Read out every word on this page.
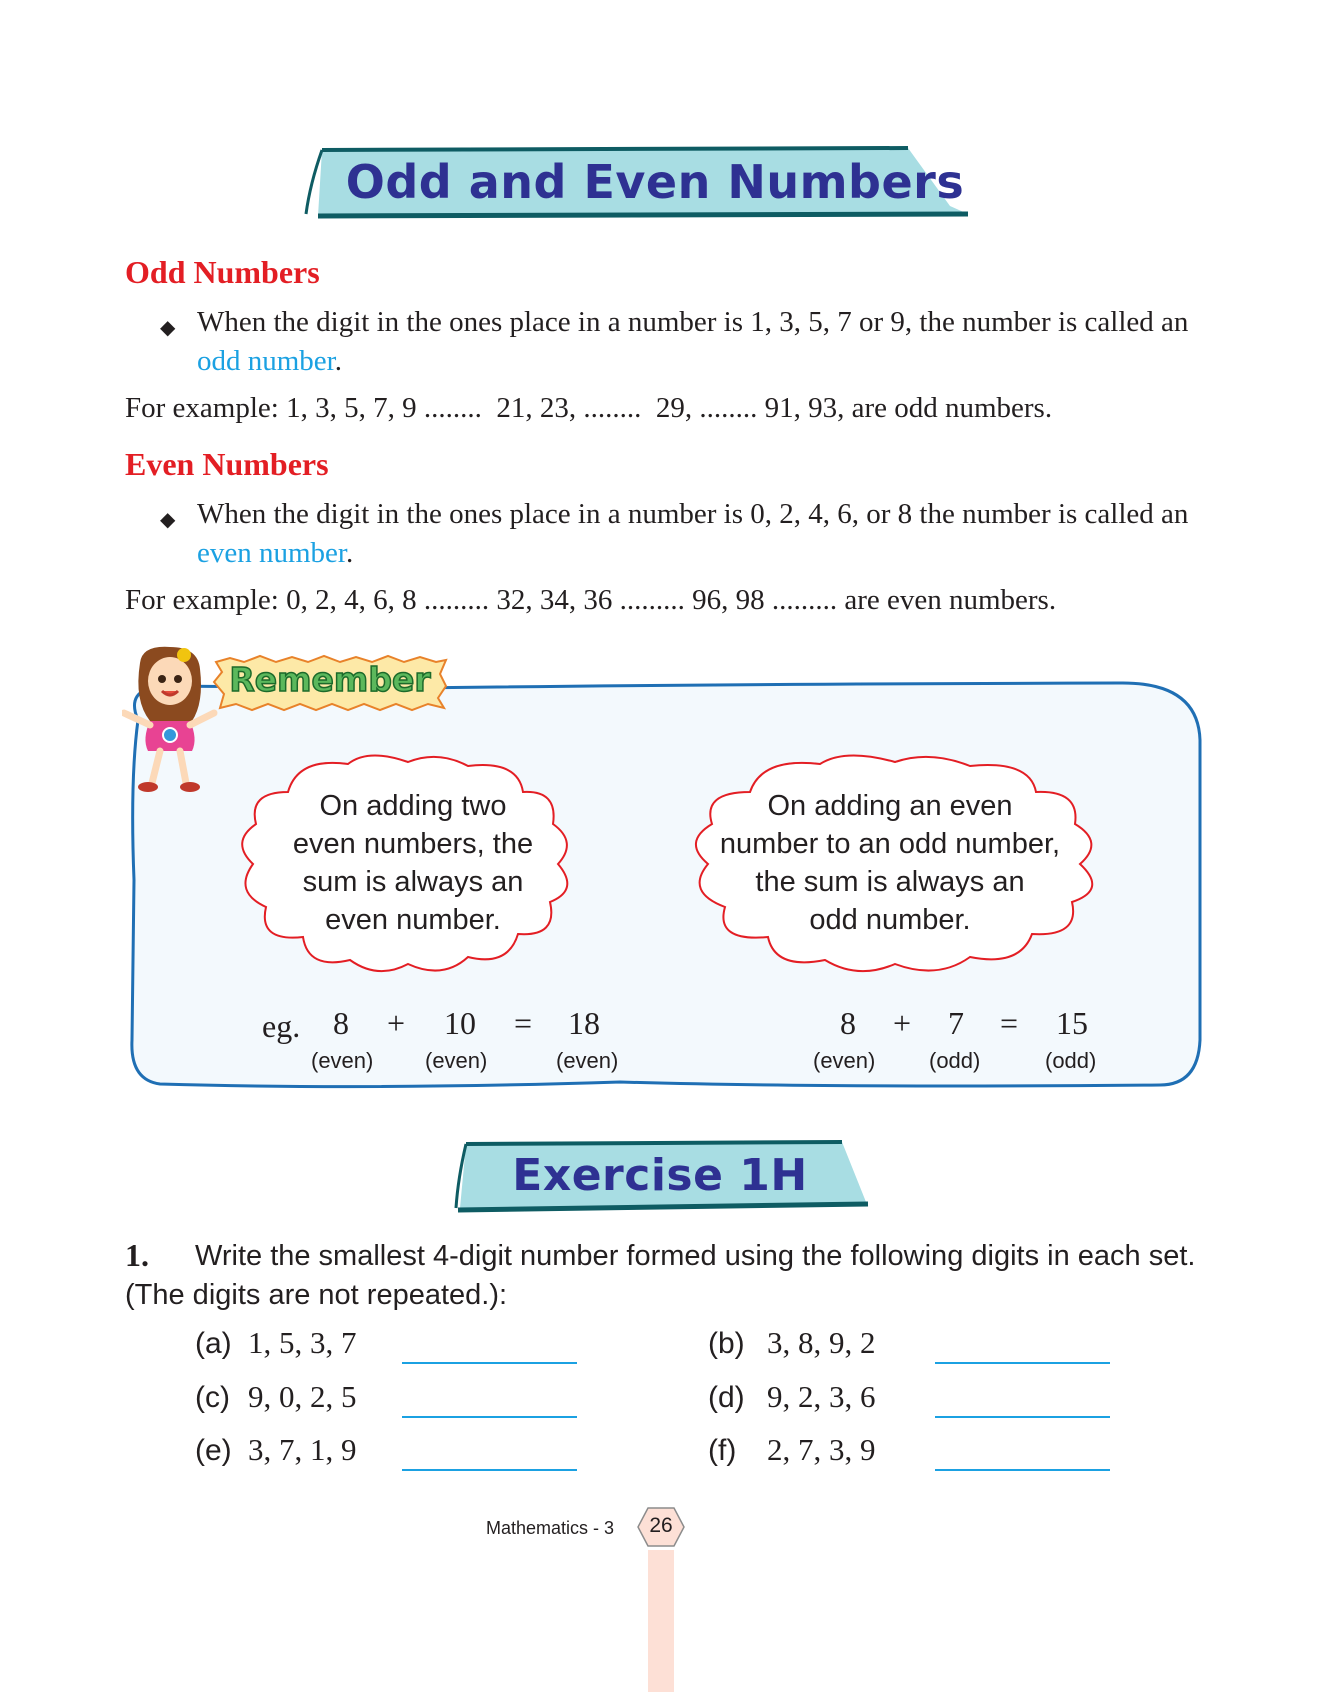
Odd and Even Numbers
Odd Numbers
◆ When the digit in the ones place in a number is 1, 3, 5, 7 or 9, the number is called an odd number.
For example: 1, 3, 5, 7, 9 ........  21, 23, ........  29, ........ 91, 93, are odd numbers.
Even Numbers
◆ When the digit in the ones place in a number is 0, 2, 4, 6, or 8 the number is called an even number.
For example: 0, 2, 4, 6, 8 ......... 32, 34, 36 ......... 96, 98 ......... are even numbers.
Remember
On adding two
even numbers, the
sum is always an
even number.
On adding an even
number to an odd number,
the sum is always an
odd number.
eg. 8 + 10 = 18
(even) (even)	(even)
8 + 7 = 15
(even) (odd)	(odd)
Exercise 1H
1.	Write the smallest 4-digit number formed using the following digits in each set. (The digits are not repeated.):
(a) 1, 5, 3, 7	(b) 3, 8, 9, 2
(c) 9, 0, 2, 5	(d) 9, 2, 3, 6
(e) 3, 7, 1, 9	(f) 2, 7, 3, 9
Mathematics - 3	26
